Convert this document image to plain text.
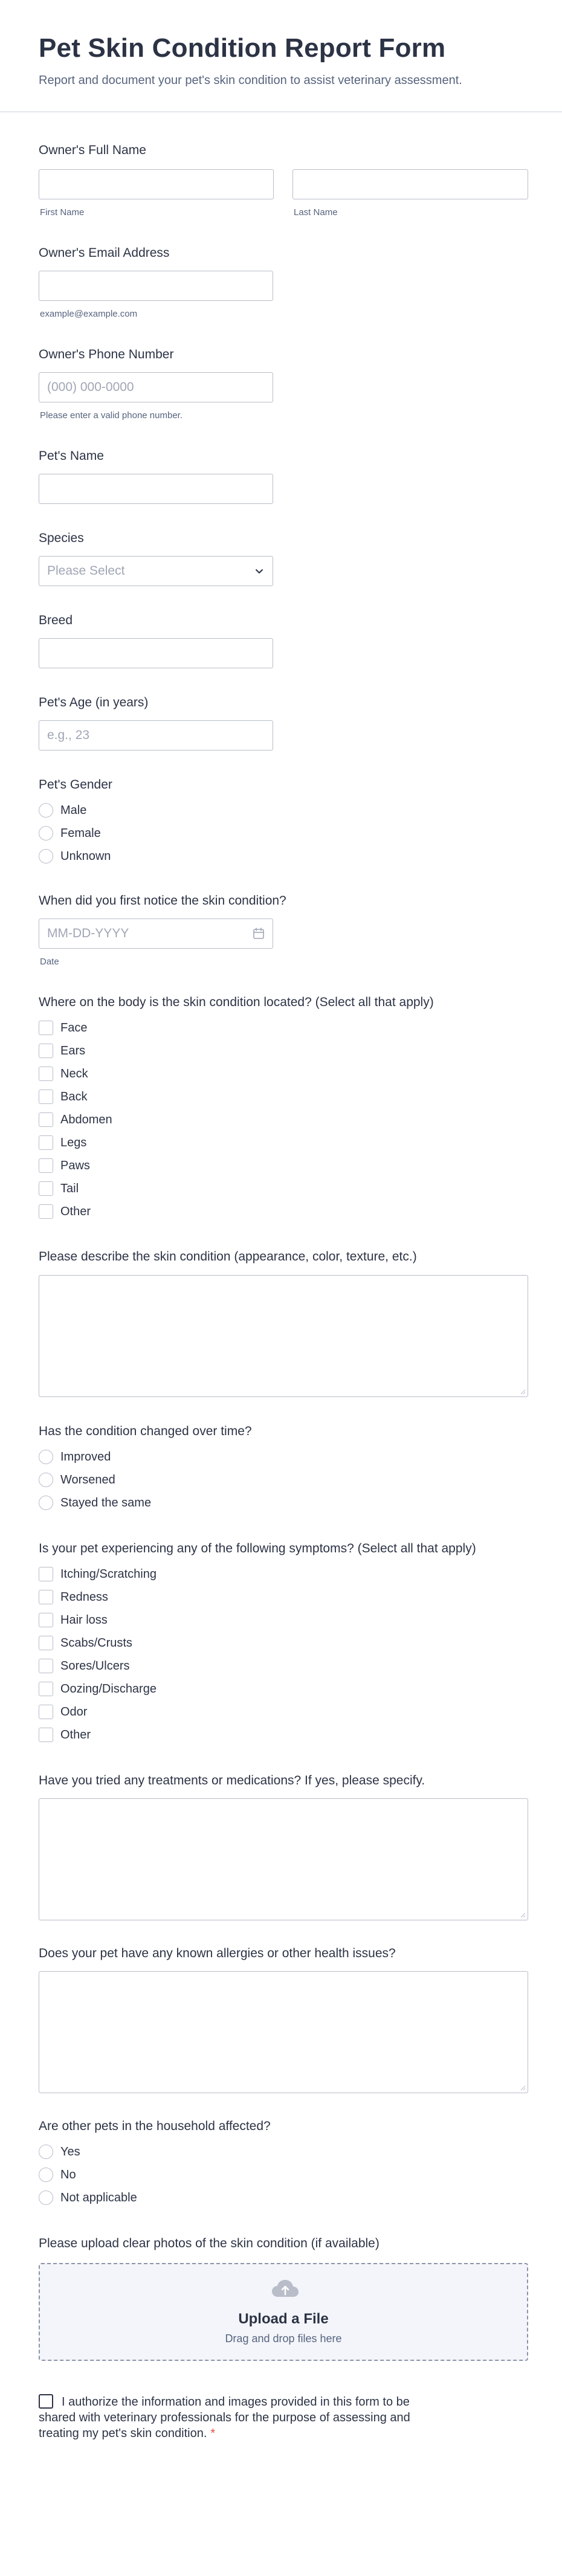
Pet Skin Condition Report Form

Report and document your pet's skin condition to assist veterinary assessment.

Owner's Full Name
First Name	Last Name
Owner's Email Address
example@example.com
Owner's Phone Number
(000) 000-0000
Please enter a valid phone number.
Pet's Name
Species
Please Select
Breed
Pet's Age (in years)
e.g., 23
Pet's Gender
Male
Female
Unknown
When did you first notice the skin condition?
MM-DD-YYYY
Date
Where on the body is the skin condition located? (Select all that apply)
Face
Ears
Neck
Back
Abdomen
Legs
Paws
Tail
Other
Please describe the skin condition (appearance, color, texture, etc.)
Has the condition changed over time?
Improved
Worsened
Stayed the same
Is your pet experiencing any of the following symptoms? (Select all that apply)
Itching/Scratching
Redness
Hair loss
Scabs/Crusts
Sores/Ulcers
Oozing/Discharge
Odor
Other
Have you tried any treatments or medications? If yes, please specify.
Does your pet have any known allergies or other health issues?
Are other pets in the household affected?
Yes
No
Not applicable
Please upload clear photos of the skin condition (if available)
Upload a File
Drag and drop files here

I authorize the information and images provided in this form to be shared with veterinary professionals for the purpose of assessing and treating my pet's skin condition. *
